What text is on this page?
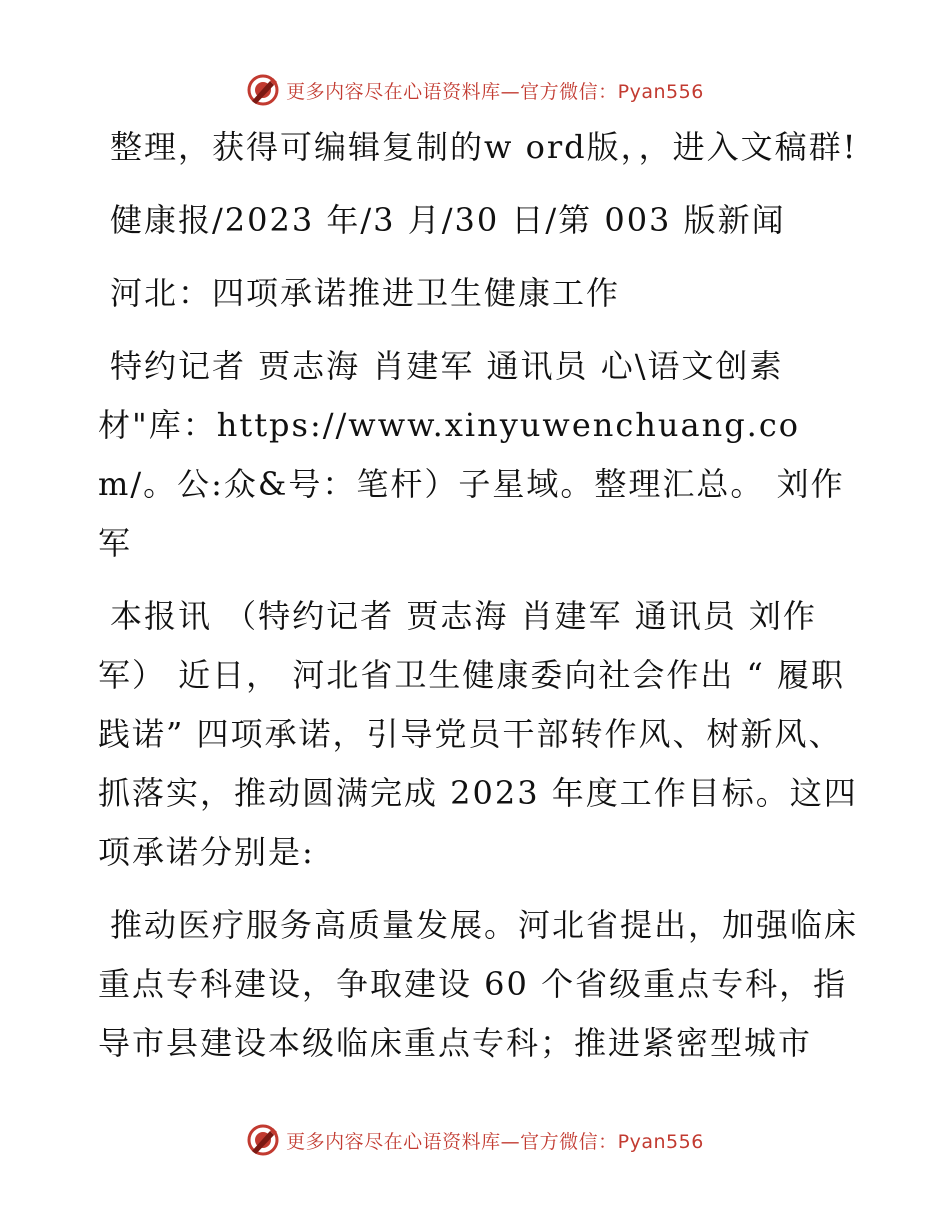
更多内容尽在心语资料库—官方微信：Pyan556

整理，获得可编辑复制的w ord版，，进入文稿群!

健康报/2023 年/3 月/30 日/第 003 版新闻

河北：四项承诺推进卫生健康工作

特约记者 贾志海 肖建军 通讯员 心\语文创素材"库：https://www.xinyuwenchuang.com/。公:众&号：笔杆）子星域。整理汇总。 刘作军

本报讯 （特约记者 贾志海 肖建军 通讯员 刘作军） 近日， 河北省卫生健康委向社会作出 “ 履职践诺” 四项承诺，引导党员干部转作风、树新风、抓落实，推动圆满完成 2023 年度工作目标。这四项承诺分别是:

推动医疗服务高质量发展。河北省提出，加强临床重点专科建设，争取建设 60 个省级重点专科，指导市县建设本级临床重点专科；推进紧密型城市

更多内容尽在心语资料库—官方微信：Pyan556
